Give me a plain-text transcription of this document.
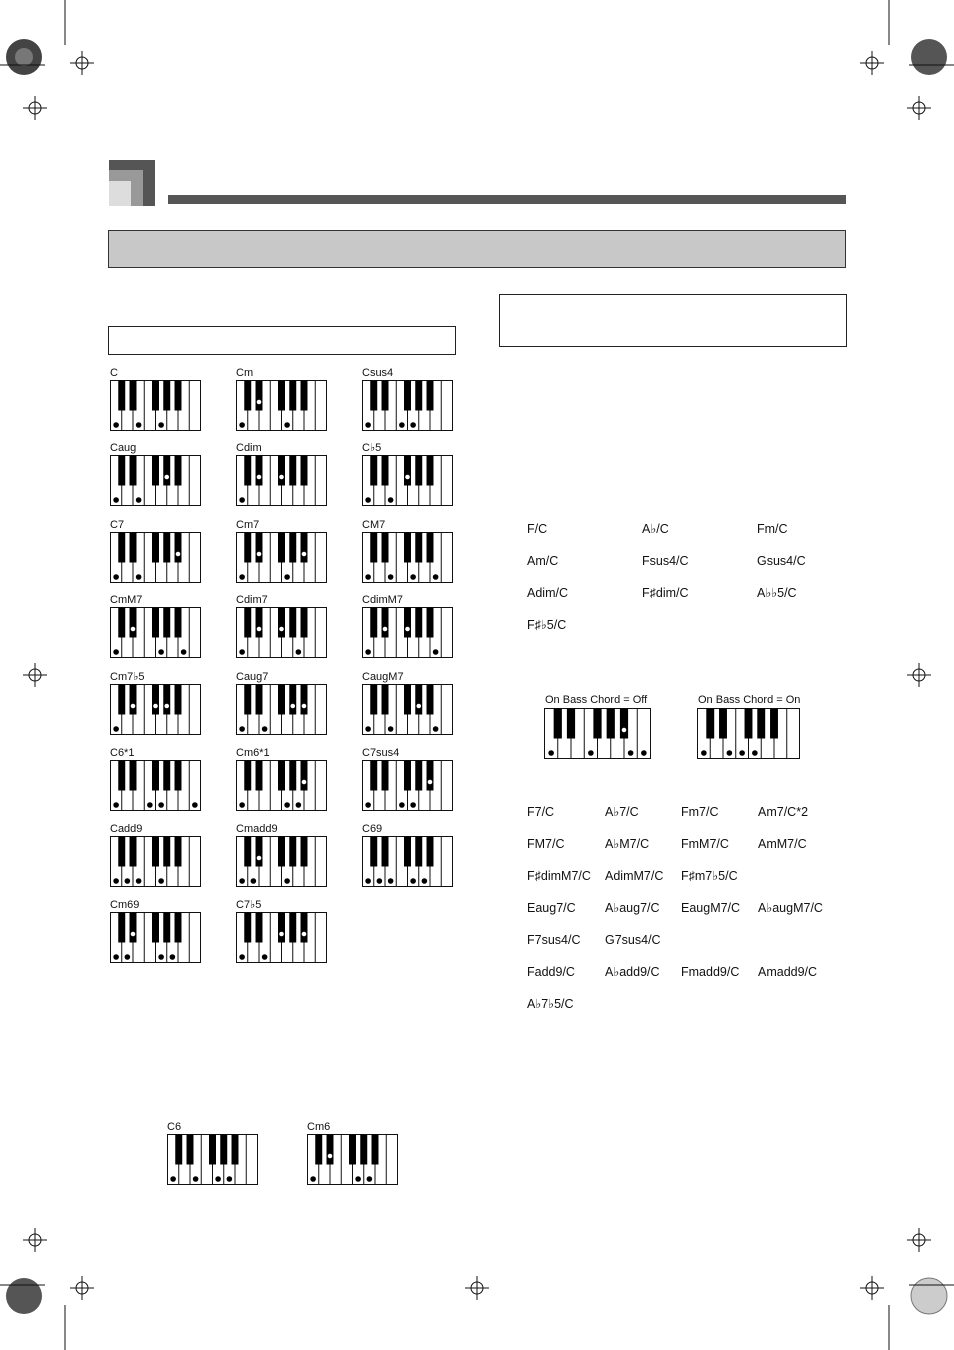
C	Cm	Csus4
Caug	Cdim	C♭5
C7	Cm7	CM7
CmM7	Cdim7	CdimM7
Cm7♭5	Caug7	CaugM7
C6*1	Cm6*1	C7sus4
Cadd9	Cmadd9	C69
Cm69	C7♭5
F/C	A♭/C	Fm/C
Am/C	Fsus4/C	Gsus4/C
Adim/C	F♯dim/C	A♭♭5/C
F♯♭5/C
On Bass Chord = Off	On Bass Chord = On
F7/C	A♭7/C	Fm7/C	Am7/C*2
FM7/C	A♭M7/C	FmM7/C AmM7/C
F♯dimM7/C AdimM7/C F♯m7♭5/C
Eaug7/C A♭aug7/C EaugM7/C A♭augM7/C
F7sus4/C G7sus4/C
Fadd9/C A♭add9/C Fmadd9/C Amadd9/C
A♭7♭5/C
C6	Cm6
